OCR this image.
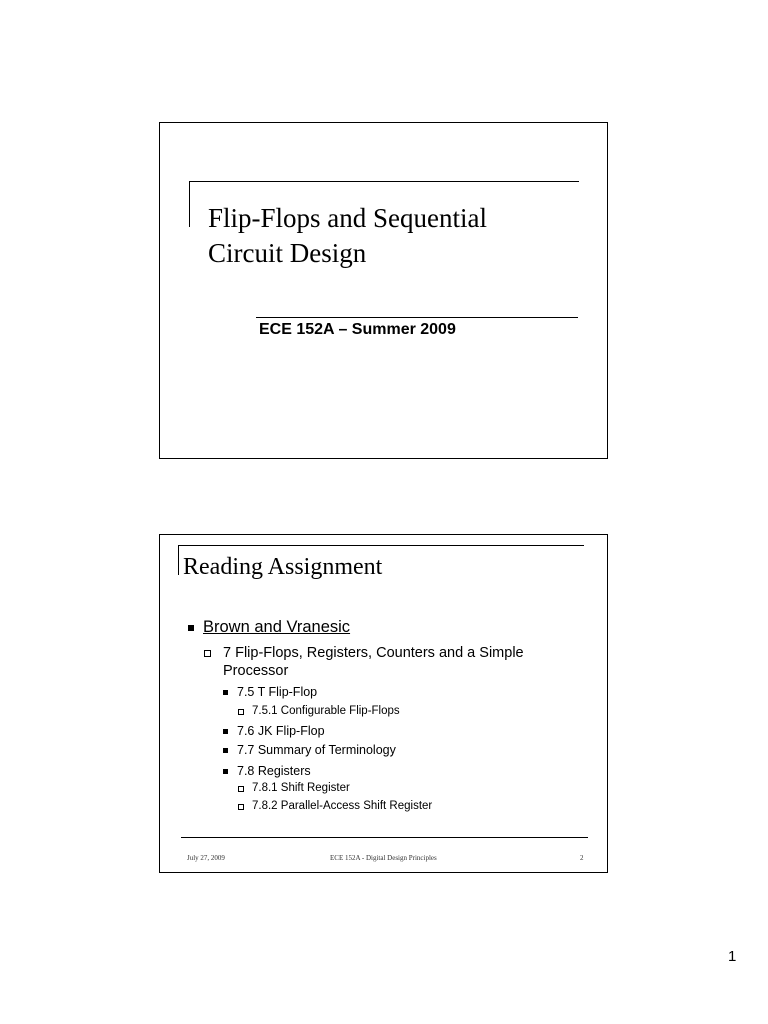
Flip-Flops and Sequential Circuit Design
ECE 152A – Summer 2009
Reading Assignment
Brown and Vranesic
7 Flip-Flops, Registers, Counters and a Simple Processor
7.5 T Flip-Flop
7.5.1 Configurable Flip-Flops
7.6 JK Flip-Flop
7.7 Summary of Terminology
7.8 Registers
7.8.1 Shift Register
7.8.2 Parallel-Access Shift Register
July 27, 2009	ECE 152A - Digital Design Principles	2
1
